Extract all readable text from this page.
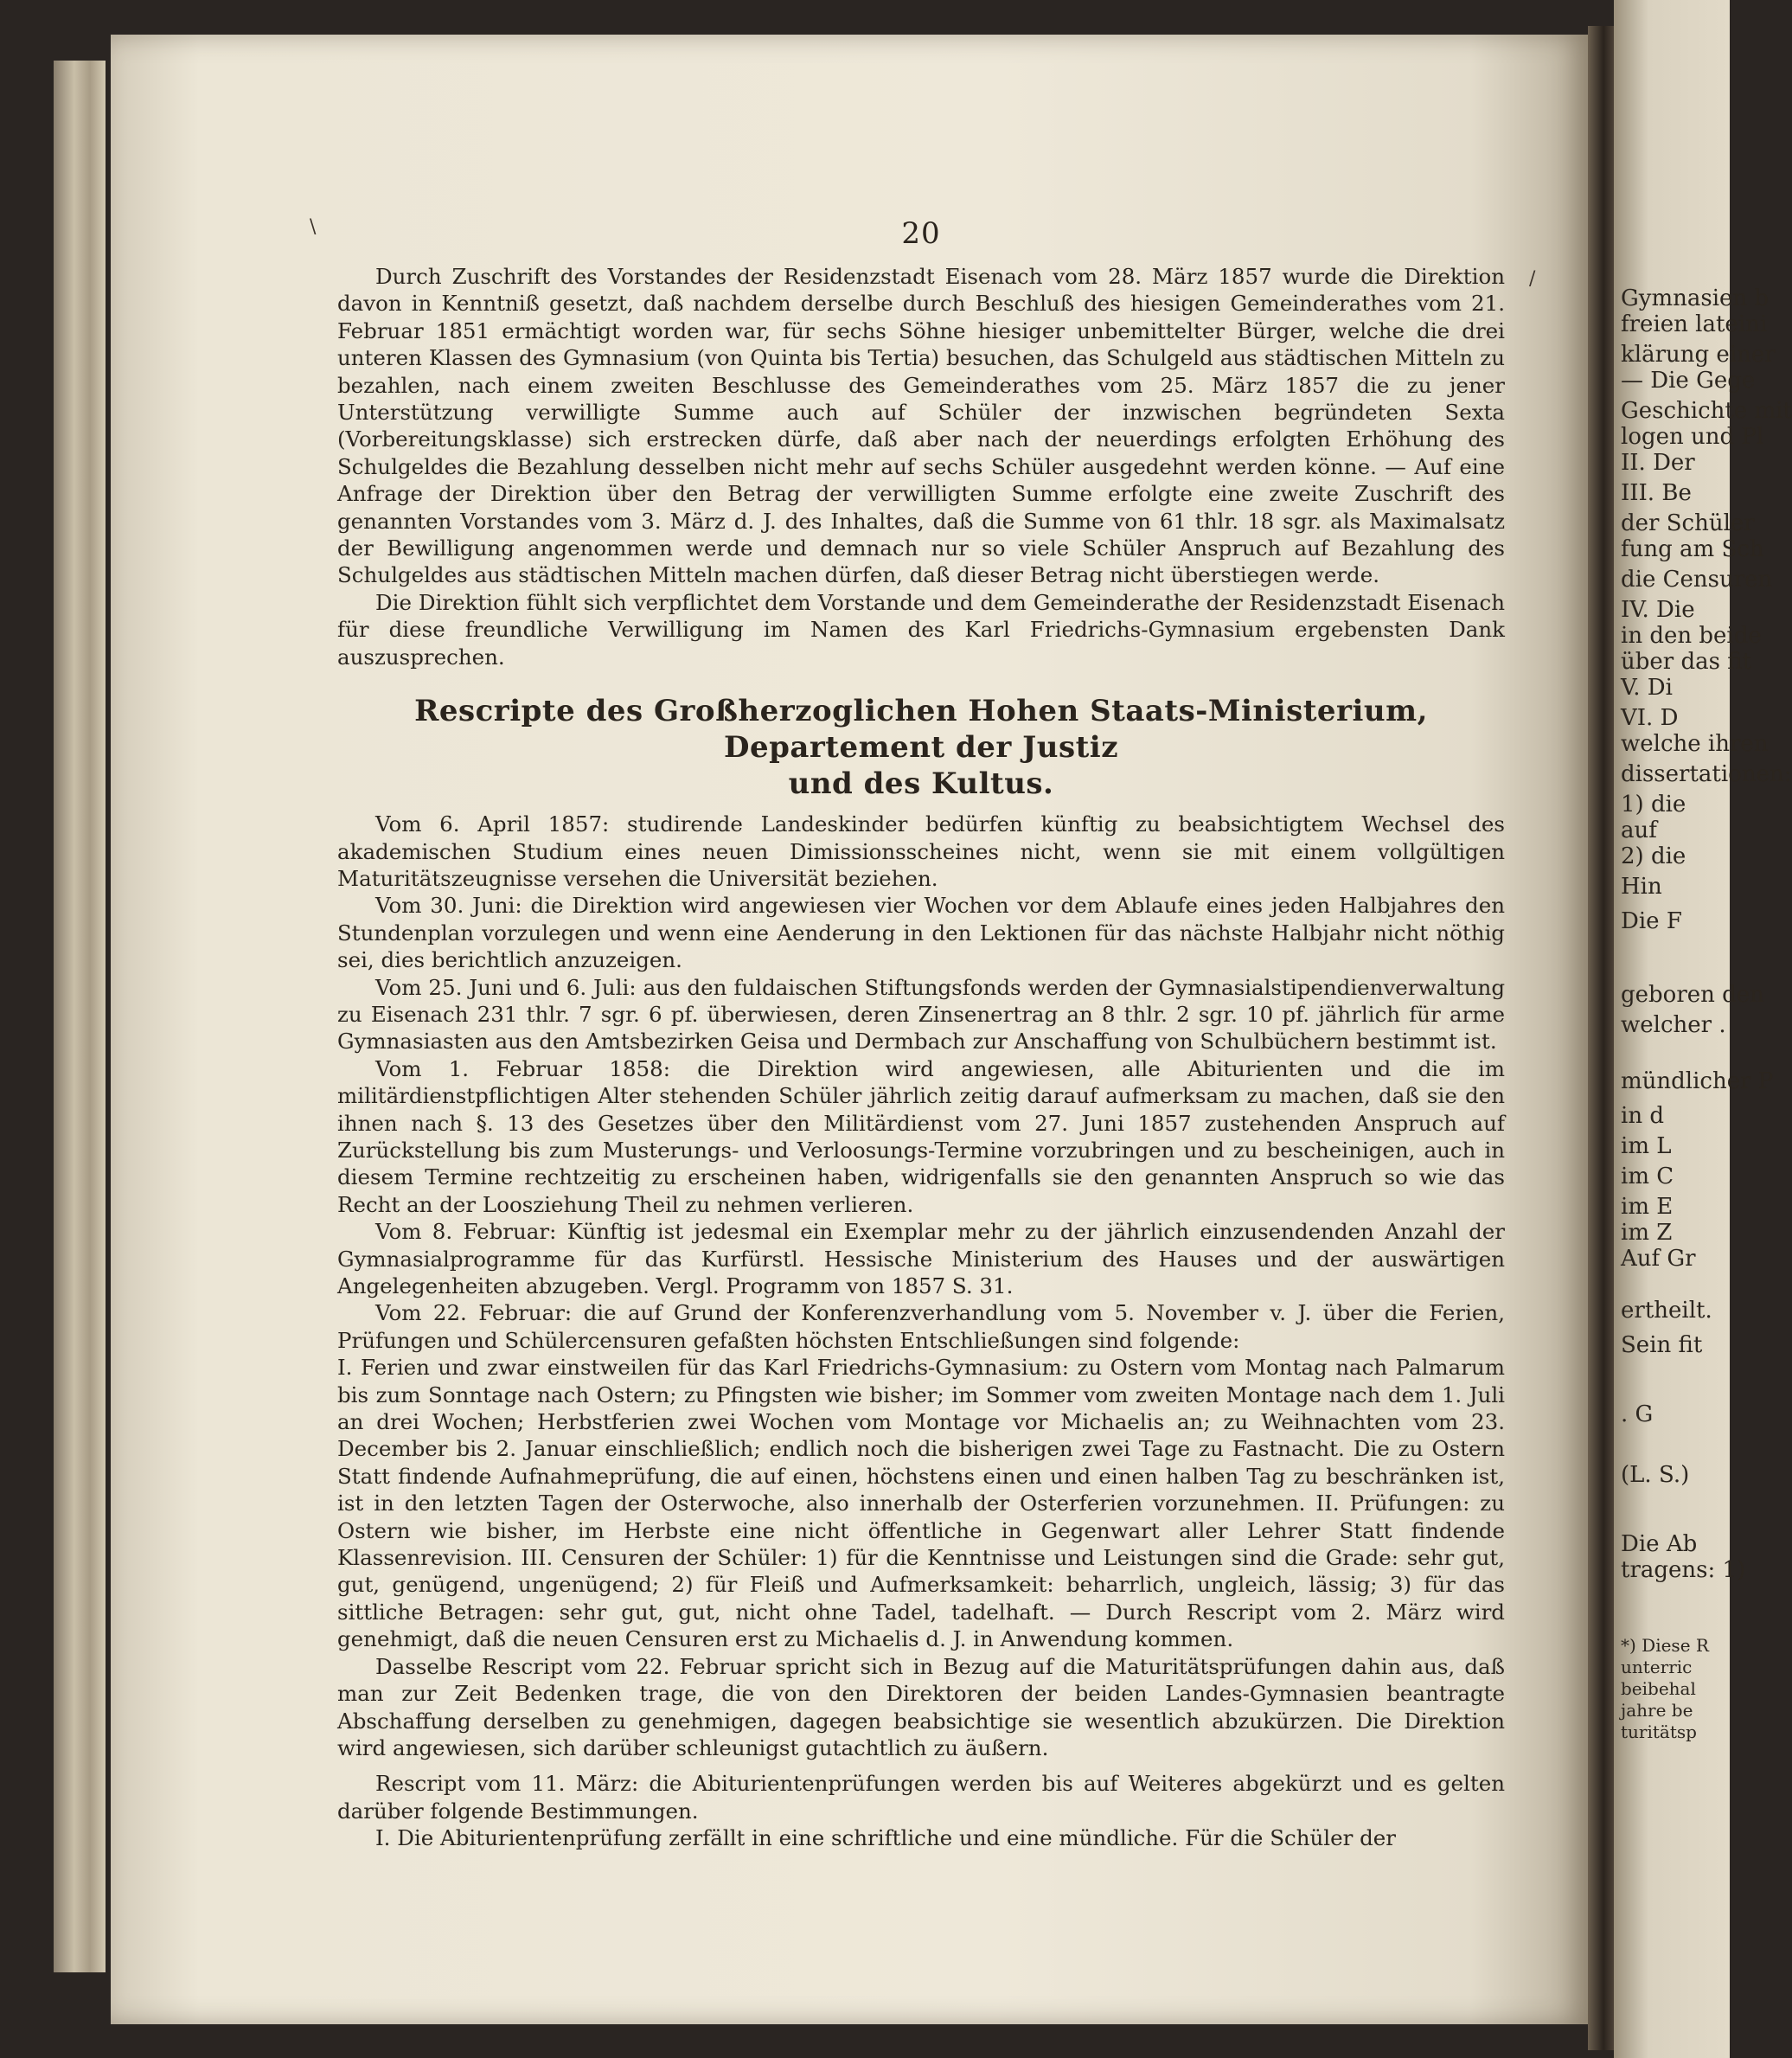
\
/
20

Durch Zuschrift des Vorstandes der Residenzstadt Eisenach vom 28. März 1857 wurde die Direktion davon in Kenntniß gesetzt, daß nachdem derselbe durch Beschluß des hiesigen Gemeinderathes vom 21. Februar 1851 ermächtigt worden war, für sechs Söhne hiesiger unbemittelter Bürger, welche die drei unteren Klassen des Gymnasium (von Quinta bis Tertia) besuchen, das Schulgeld aus städtischen Mitteln zu bezahlen, nach einem zweiten Beschlusse des Gemeinderathes vom 25. März 1857 die zu jener Unterstützung verwilligte Summe auch auf Schüler der inzwischen begründeten Sexta (Vorbereitungsklasse) sich erstrecken dürfe, daß aber nach der neuerdings erfolgten Erhöhung des Schulgeldes die Bezahlung desselben nicht mehr auf sechs Schüler ausgedehnt werden könne. — Auf eine Anfrage der Direktion über den Betrag der verwilligten Summe erfolgte eine zweite Zuschrift des genannten Vorstandes vom 3. März d. J. des Inhaltes, daß die Summe von 61 thlr. 18 sgr. als Maximalsatz der Bewilligung angenommen werde und demnach nur so viele Schüler Anspruch auf Bezahlung des Schulgeldes aus städtischen Mitteln machen dürfen, daß dieser Betrag nicht überstiegen werde.

Die Direktion fühlt sich verpflichtet dem Vorstande und dem Gemeinderathe der Residenzstadt Eisenach für diese freundliche Verwilligung im Namen des Karl Friedrichs-Gymnasium ergebensten Dank auszusprechen.

Rescripte des Großherzoglichen Hohen Staats-Ministerium, Departement der Justiz
und des Kultus.

Vom 6. April 1857: studirende Landeskinder bedürfen künftig zu beabsichtigtem Wechsel des akademischen Studium eines neuen Dimissionsscheines nicht, wenn sie mit einem vollgültigen Maturitätszeugnisse versehen die Universität beziehen.

Vom 30. Juni: die Direktion wird angewiesen vier Wochen vor dem Ablaufe eines jeden Halbjahres den Stundenplan vorzulegen und wenn eine Aenderung in den Lektionen für das nächste Halbjahr nicht nöthig sei, dies berichtlich anzuzeigen.

Vom 25. Juni und 6. Juli: aus den fuldaischen Stiftungsfonds werden der Gymnasialstipendienverwaltung zu Eisenach 231 thlr. 7 sgr. 6 pf. überwiesen, deren Zinsenertrag an 8 thlr. 2 sgr. 10 pf. jährlich für arme Gymnasiasten aus den Amtsbezirken Geisa und Dermbach zur Anschaffung von Schulbüchern bestimmt ist.

Vom 1. Februar 1858: die Direktion wird angewiesen, alle Abiturienten und die im militärdienstpflichtigen Alter stehenden Schüler jährlich zeitig darauf aufmerksam zu machen, daß sie den ihnen nach §. 13 des Gesetzes über den Militärdienst vom 27. Juni 1857 zustehenden Anspruch auf Zurückstellung bis zum Musterungs- und Verloosungs-Termine vorzubringen und zu bescheinigen, auch in diesem Termine rechtzeitig zu erscheinen haben, widrigenfalls sie den genannten Anspruch so wie das Recht an der Loosziehung Theil zu nehmen verlieren.

Vom 8. Februar: Künftig ist jedesmal ein Exemplar mehr zu der jährlich einzusendenden Anzahl der Gymnasialprogramme für das Kurfürstl. Hessische Ministerium des Hauses und der auswärtigen Angelegenheiten abzugeben. Vergl. Programm von 1857 S. 31.

Vom 22. Februar: die auf Grund der Konferenzverhandlung vom 5. November v. J. über die Ferien, Prüfungen und Schülercensuren gefaßten höchsten Entschließungen sind folgende:

I. Ferien und zwar einstweilen für das Karl Friedrichs-Gymnasium: zu Ostern vom Montag nach Palmarum bis zum Sonntage nach Ostern; zu Pfingsten wie bisher; im Sommer vom zweiten Montage nach dem 1. Juli an drei Wochen; Herbstferien zwei Wochen vom Montage vor Michaelis an; zu Weihnachten vom 23. December bis 2. Januar einschließlich; endlich noch die bisherigen zwei Tage zu Fastnacht. Die zu Ostern Statt findende Aufnahmeprüfung, die auf einen, höchstens einen und einen halben Tag zu beschränken ist, ist in den letzten Tagen der Osterwoche, also innerhalb der Osterferien vorzunehmen. II. Prüfungen: zu Ostern wie bisher, im Herbste eine nicht öffentliche in Gegenwart aller Lehrer Statt findende Klassenrevision. III. Censuren der Schüler: 1) für die Kenntnisse und Leistungen sind die Grade: sehr gut, gut, genügend, ungenügend; 2) für Fleiß und Aufmerksamkeit: beharrlich, ungleich, lässig; 3) für das sittliche Betragen: sehr gut, gut, nicht ohne Tadel, tadelhaft. — Durch Rescript vom 2. März wird genehmigt, daß die neuen Censuren erst zu Michaelis d. J. in Anwendung kommen.

Dasselbe Rescript vom 22. Februar spricht sich in Bezug auf die Maturitätsprüfungen dahin aus, daß man zur Zeit Bedenken trage, die von den Direktoren der beiden Landes-Gymnasien beantragte Abschaffung derselben zu genehmigen, dagegen beabsichtige sie wesentlich abzukürzen. Die Direktion wird angewiesen, sich darüber schleunigst gutachtlich zu äußern.

Rescript vom 11. März: die Abiturientenprüfungen werden bis auf Weiteres abgekürzt und es gelten darüber folgende Bestimmungen.

I. Die Abiturientenprüfung zerfällt in eine schriftliche und eine mündliche. Für die Schüler der

Gymnasien b
freien lateini
klärung einer
— Die Gege
Geschichte mit
logen und Pl
II. Der
III. Be
der Schüler
fung am Sch
die Censuren
IV. Die
in den beide
über das fit
V. Di
VI. D
welche ihren
dissertationen:
1) die
auf
2) die
Hin
Die F
geboren den
welcher .
mündlicher P
in d
im L
im C
im E
im Z
Auf Gr
ertheilt.
Sein fit
. G
(L. S.)
Die Ab
tragens: 1)
*) Diese R
unterric
beibehal
jahre be
turitätsp
